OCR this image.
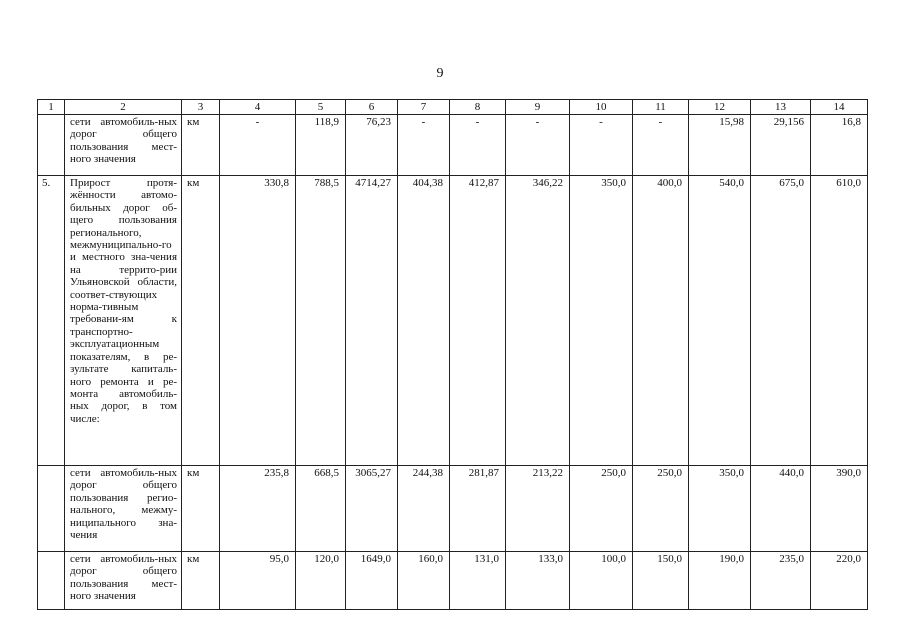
9
1	2	3	4	5	6	7	8	9	10	11	12	13	14
	сети автомобиль-ных дорог общего пользования мест-ного значения	км	-	118,9	76,23	-	-	-	-	-	15,98	29,156	16,8
5.	Прирост протя-жённости автомо-бильных дорог об-щего пользования регионального, межмуниципально-го и местного зна-чения на террито-рии Ульяновской области, соответ-ствующих норма-тивным требовани-ям к транспортно-эксплуатационным показателям, в ре-зультате капиталь-ного ремонта и ре-монта автомобиль-ных дорог, в том числе:	км	330,8	788,5	4714,27	404,38	412,87	346,22	350,0	400,0	540,0	675,0	610,0
	сети автомобиль-ных дорог общего пользования регио-нального, межму-ниципального зна-чения	км	235,8	668,5	3065,27	244,38	281,87	213,22	250,0	250,0	350,0	440,0	390,0
	сети автомобиль-ных дорог общего пользования мест-ного значения	км	95,0	120,0	1649,0	160,0	131,0	133,0	100,0	150,0	190,0	235,0	220,0
